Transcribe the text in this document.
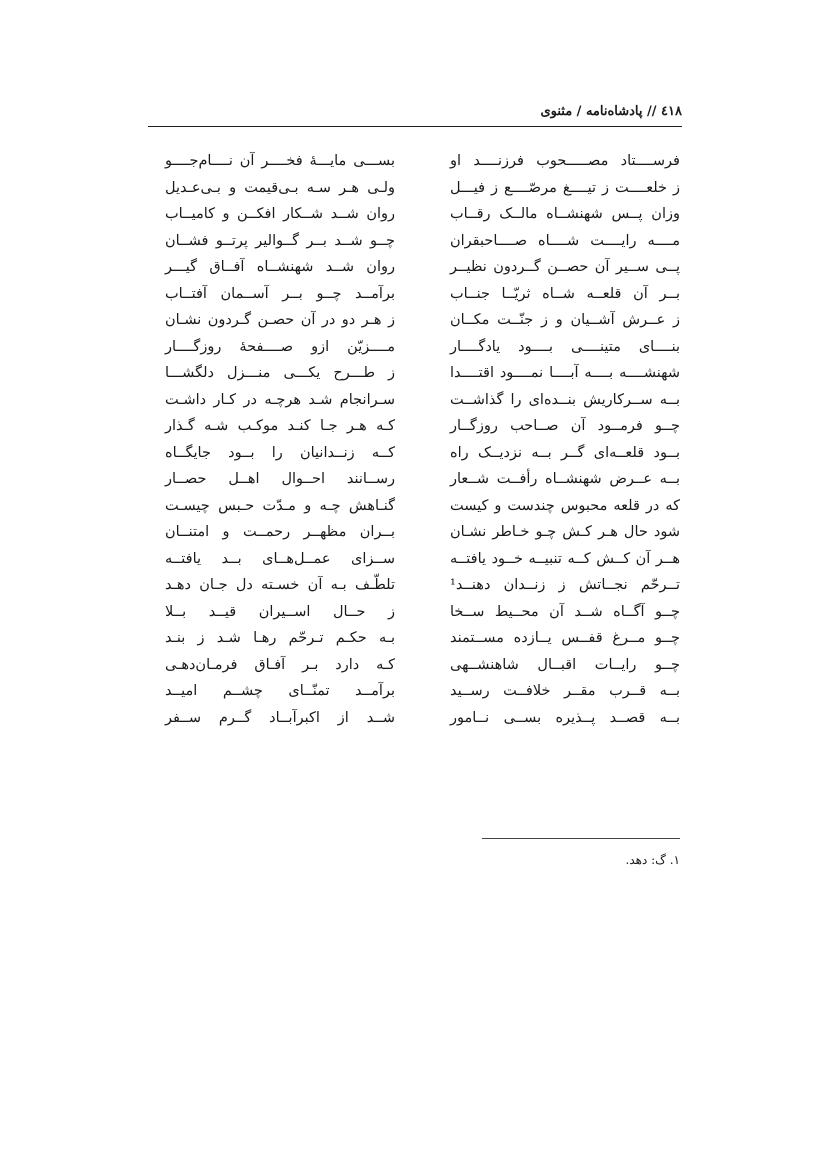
٤١٨ // پادشاه‌نامه / مثنوی
فرســــتاد مصـــــحوب فرزنــــد او
بســـی مایـــهٔ فخــــر آن نــــام‌جــــو
ز خلعــــت ز تیــــغ مرصّــــع ز فیـــل
ولـی هـر سـه بـی‌قیمت و بـی‌عـدیل
وزان پــس شهنشــاه مالــک رقــاب
روان شــد شــکار افکــن و کامیــاب
مــــه رایــــت شــــاه صــــاحبقران
چــو شــد بــر گــوالیر پرتــو فشــان
پــی ســیر آن حصــن گــردون نظیــر
روان شــد شهنشــاه آفــاق گیـــر
بــر آن قلعــه شــاه ثریّــا جنــاب
برآمــد چــو بــر آســمان آفتــاب
ز عــرش آشــیان و ز جنّــت مکــان
ز هـر دو در آن حصـن گـردون نشـان
بنــــای متینــــی بــــود یادگــــار
مــــزیّن ازو صــــفحهٔ روزگــــار
شهنشــــه بــــه آبــــا نمــــود اقتــــدا
ز طـــرح یکـــی منـــزل دلگشـــا
بــه ســرکاریش بنــده‌ای را گذاشــت
سـرانجام شـد هرچـه در کـار داشـت
چــو فرمــود آن صــاحب روزگــار
کـه هـر جـا کنـد موکـب شـه گـذار
بــود قلعــه‌ای گــر بــه نزدیــک راه
کــه زنــدانیان را بــود جایگــاه
بــه عــرض شهنشــاه رأفــت شــعار
رســانند احــوال اهــل حصــار
که در قلعه محبوس چندست و کیست
گنـاهش چـه و مـدّت حـبس چیسـت
شود حال هـر کـش چـو خـاطر نشـان
بــران مظهــر رحمــت و امتنــان
هــر آن کــش کــه تنبیــه خــود یافتــه
ســزای عمــل‌هــای بــد یافتــه
تــرحّم نجــاتش ز زنــدان دهنــد¹
تلطّـف بـه آن خسـته دل جـان دهـد
چــو آگــاه شــد آن محــیط ســخا
ز حــال اســیران قیــد بــلا
چــو مــرغ قفــس یــازده مســتمند
بـه حکـم تـرحّم رهـا شـد ز بنـد
چــو رایــات اقبــال شاهنشــهی
کـه دارد بـر آفـاق فرمـان‌دهـی
بــه قــرب مقــر خلافــت رســید
برآمــد تمنّــای چشــم امیــد
بــه قصــد پــذیره بســی نــامور
شــد از اکبرآبــاد گــرم ســفر
١. گ: دهد.
